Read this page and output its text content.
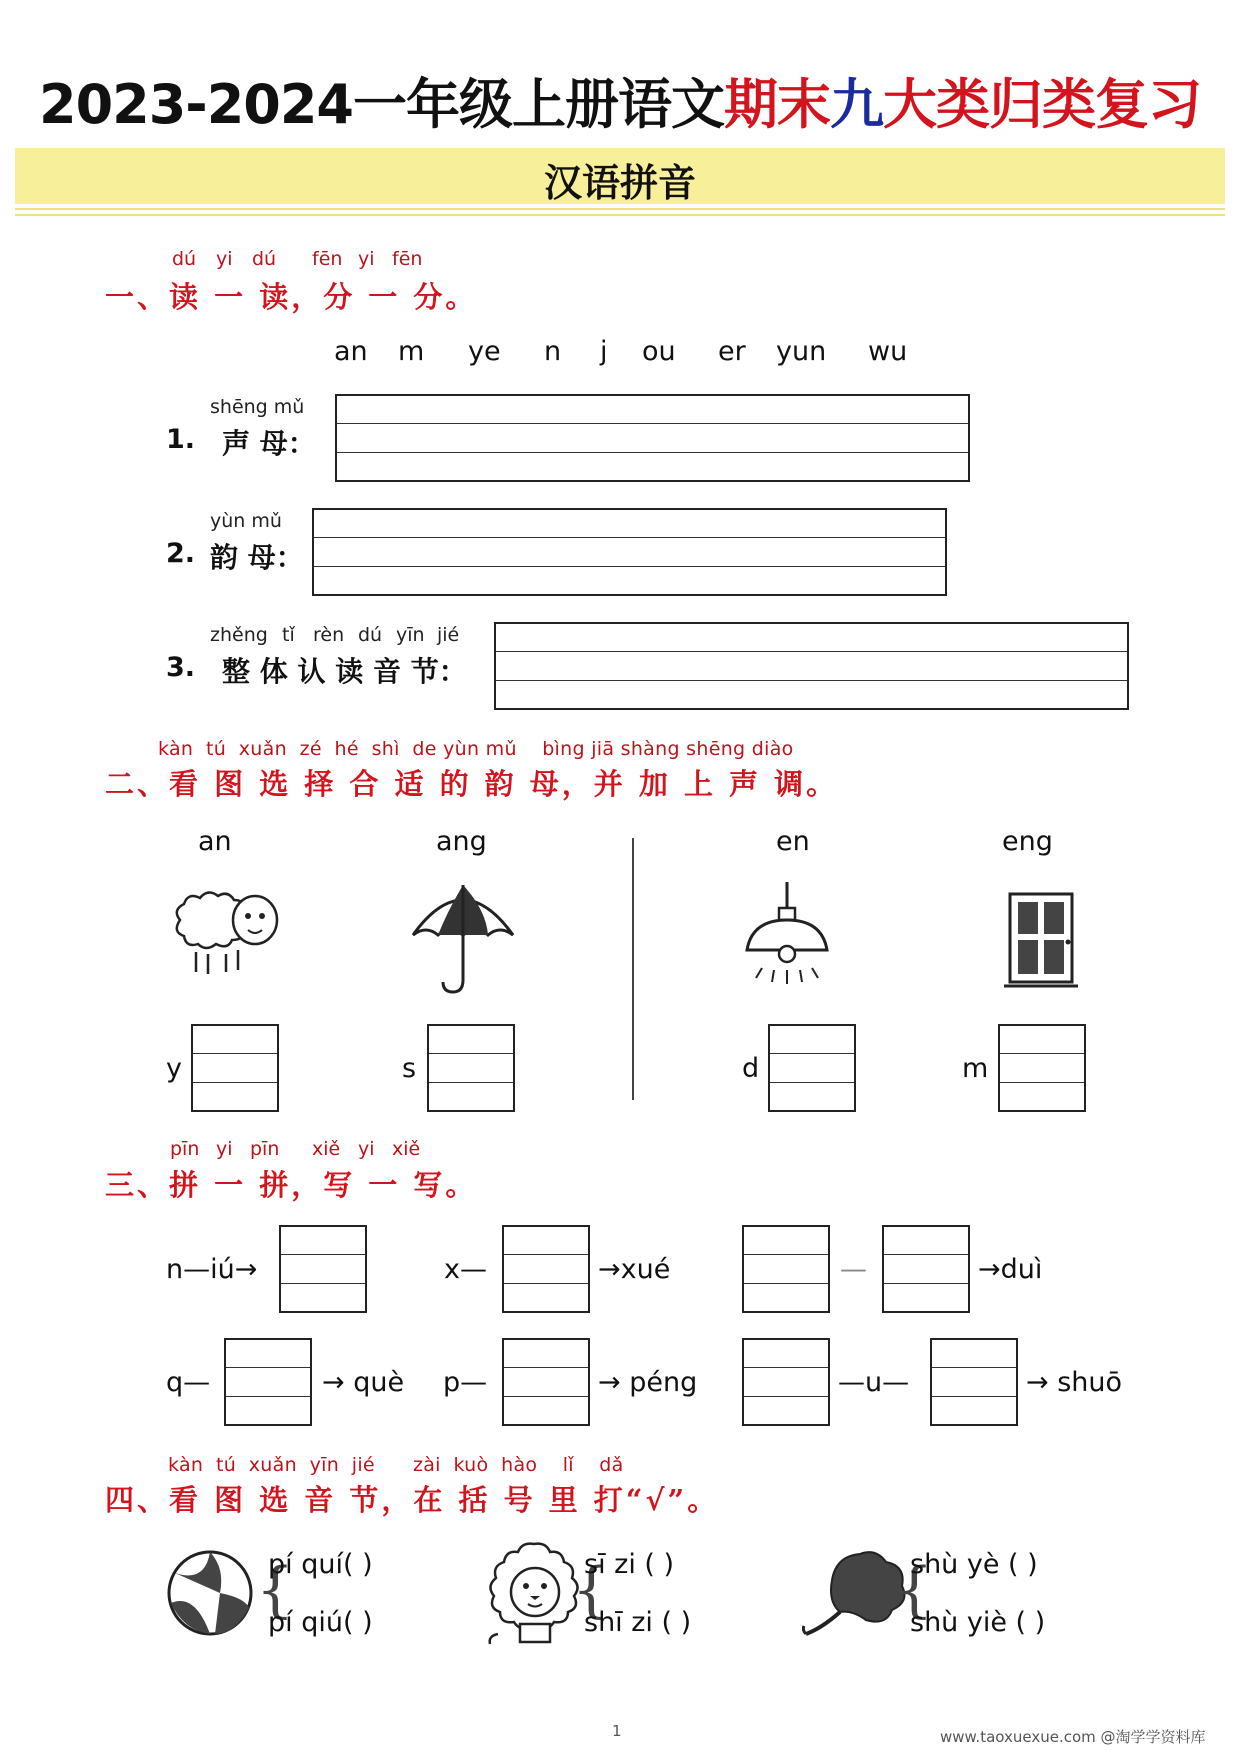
2023-2024一年级上册语文期末九大类归类复习
汉语拼音
dú yi dú fēn yi fēn
一、读 一 读，分 一 分。
an m ye n j ou er yun wu
shēng mǔ
1. 声 母：
yùn mǔ
2. 韵 母：
zhěng tǐ rèn dú yīn jié
3. 整 体 认 读 音 节：
kàn tú xuǎn zé hé shì de yùn mǔ bìng jiā shàng shēng diào
二、看 图 选 择 合 适 的 韵 母，并 加 上 声 调。
an	ang	en	eng
y	s	d	m
pīn yi pīn xiě yi xiě
三、拼 一 拼，写 一 写。
n—iú→	x—	→xué	—	→duì
q—	→ què p—	→ péng	—u—	→ shuō
kàn tú xuǎn yīn jié zài kuò hào lǐ dǎ
四、看 图 选 音 节，在 括 号 里 打“√”。
{
pí quí( )
pí qiú( )	{
sī zi ( )
shī zi ( )	{
shù yè ( )
shù yiè ( )
1	www.taoxuexue.com @淘学学资料库
